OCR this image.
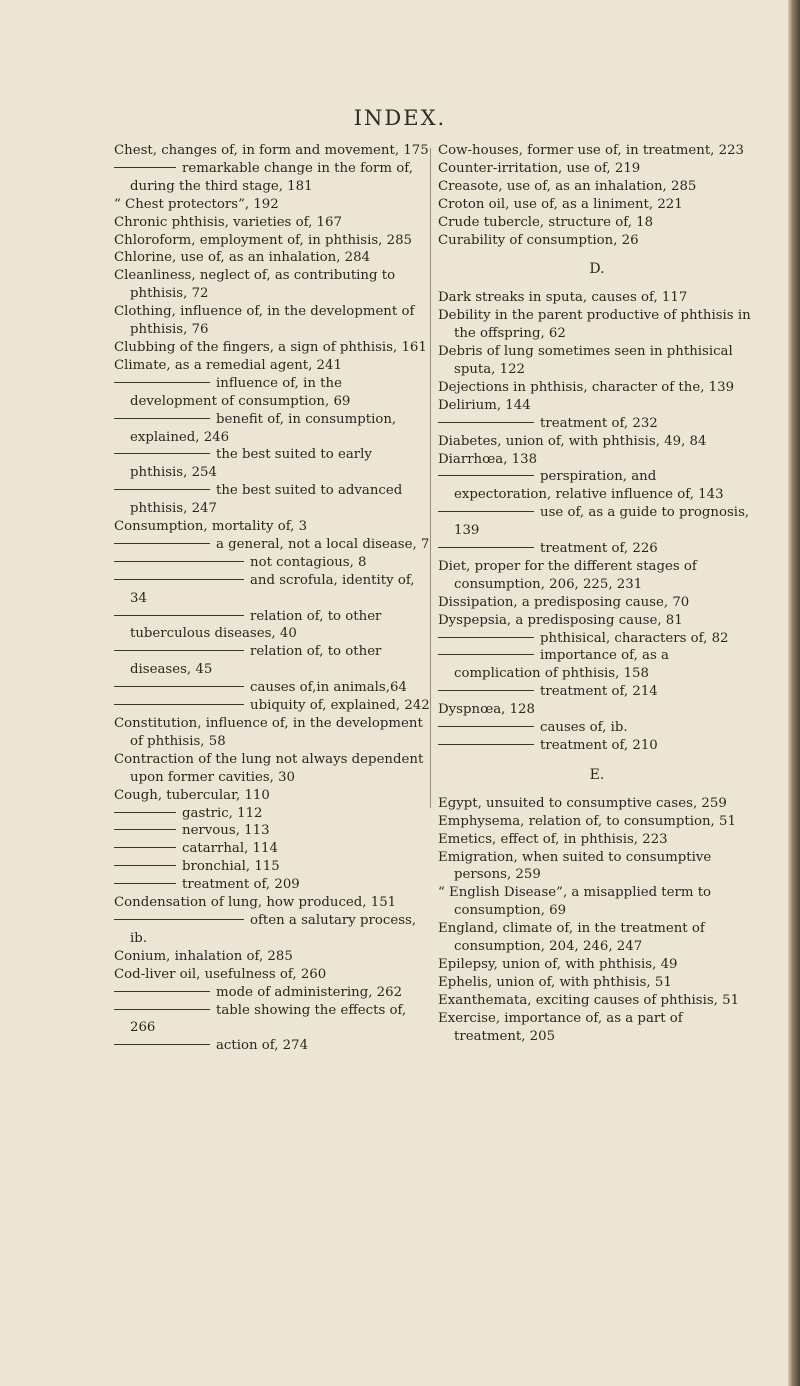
INDEX.
Chest, changes of, in form and movement, 175
remarkable change in the form of, during the third stage, 181
“ Chest protectors”, 192
Chronic phthisis, varieties of, 167
Chloroform, employment of, in phthisis, 285
Chlorine, use of, as an inhalation, 284
Cleanliness, neglect of, as contributing to phthisis, 72
Clothing, influence of, in the development of phthisis, 76
Clubbing of the fingers, a sign of phthisis, 161
Climate, as a remedial agent, 241
influence of, in the development of consumption, 69
benefit of, in consumption, explained, 246
the best suited to early phthisis, 254
the best suited to advanced phthisis, 247
Consumption, mortality of, 3
a general, not a local disease, 7
not contagious, 8
and scrofula, identity of, 34
relation of, to other tuberculous diseases, 40
relation of, to other diseases, 45
causes of,in animals,64
ubiquity of, explained, 242
Constitution, influence of, in the development of phthisis, 58
Contraction of the lung not always dependent upon former cavities, 30
Cough, tubercular, 110
gastric, 112
nervous, 113
catarrhal, 114
bronchial, 115
treatment of, 209
Condensation of lung, how produced, 151
often a salutary process, ib.
Conium, inhalation of, 285
Cod-liver oil, usefulness of, 260
mode of administering, 262
table showing the effects of, 266
action of, 274
Cow-houses, former use of, in treatment, 223
Counter-irritation, use of, 219
Creasote, use of, as an inhalation, 285
Croton oil, use of, as a liniment, 221
Crude tubercle, structure of, 18
Curability of consumption, 26
D.
Dark streaks in sputa, causes of, 117
Debility in the parent productive of phthisis in the offspring, 62
Debris of lung sometimes seen in phthisical sputa, 122
Dejections in phthisis, character of the, 139
Delirium, 144
treatment of, 232
Diabetes, union of, with phthisis, 49, 84
Diarrhœa, 138
perspiration, and expectoration, relative influence of, 143
use of, as a guide to prognosis, 139
treatment of, 226
Diet, proper for the different stages of consumption, 206, 225, 231
Dissipation, a predisposing cause, 70
Dyspepsia, a predisposing cause, 81
phthisical, characters of, 82
importance of, as a complication of phthisis, 158
treatment of, 214
Dyspnœa, 128
causes of, ib.
treatment of, 210
E.
Egypt, unsuited to consumptive cases, 259
Emphysema, relation of, to consumption, 51
Emetics, effect of, in phthisis, 223
Emigration, when suited to consumptive persons, 259
“ English Disease”, a misapplied term to consumption, 69
England, climate of, in the treatment of consumption, 204, 246, 247
Epilepsy, union of, with phthisis, 49
Ephelis, union of, with phthisis, 51
Exanthemata, exciting causes of phthisis, 51
Exercise, importance of, as a part of treatment, 205
